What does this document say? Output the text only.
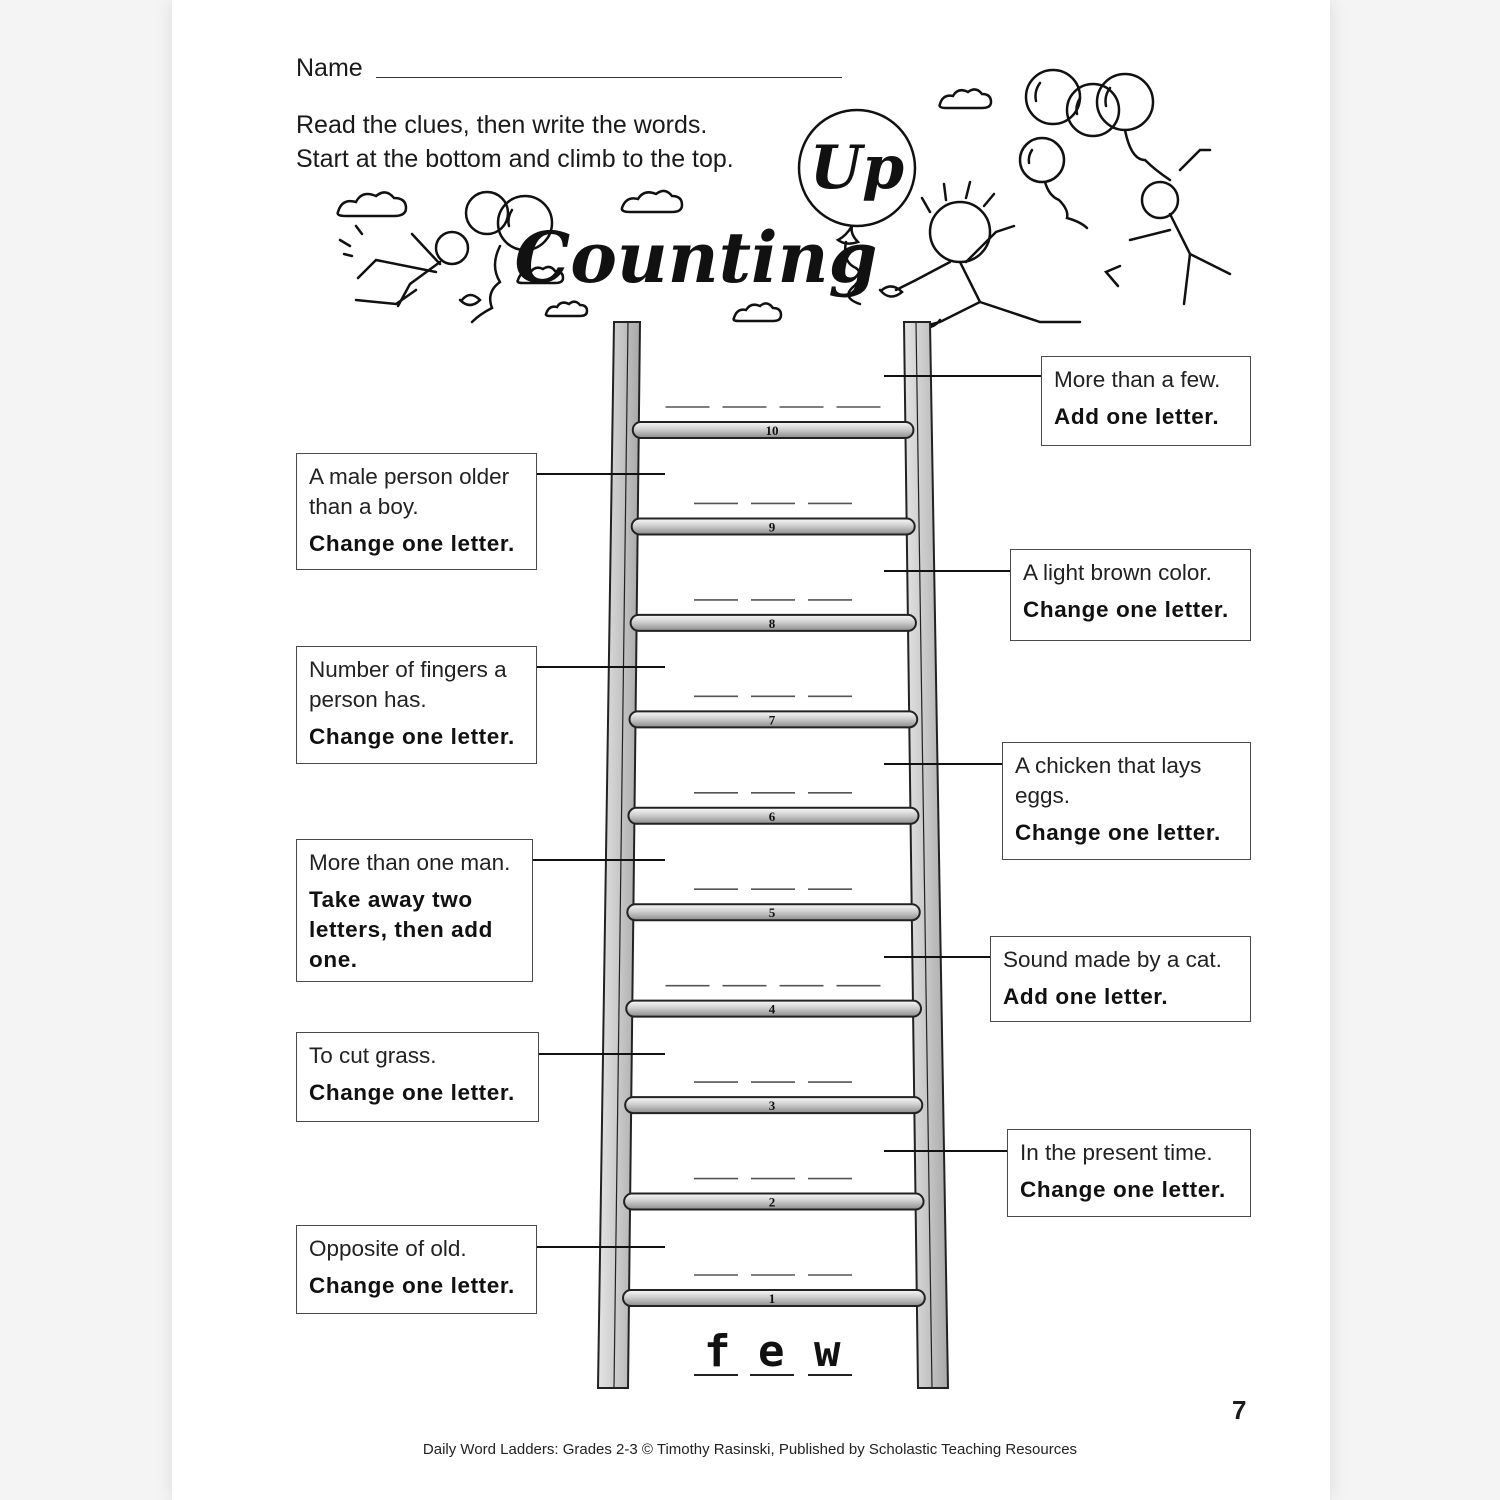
Name
Read the clues, then write the words.
Start at the bottom and climb to the top. Up
Counting
1
2
3
4
5
6
7
8
9
10
f e w
More than a few.
Add one letter.
A male person older than a boy.
Change one letter.
A light brown color.
Change one letter.
Number of fingers a person has.
Change one letter.
A chicken that lays eggs.
Change one letter.
More than one man.
Take away two letters, then add one.	Sound made by a cat.
Add one letter.
To cut grass.
Change one letter.
In the present time.
Change one letter.
Opposite of old.
Change one letter.
7
Daily Word Ladders: Grades 2-3 © Timothy Rasinski, Published by Scholastic Teaching Resources
